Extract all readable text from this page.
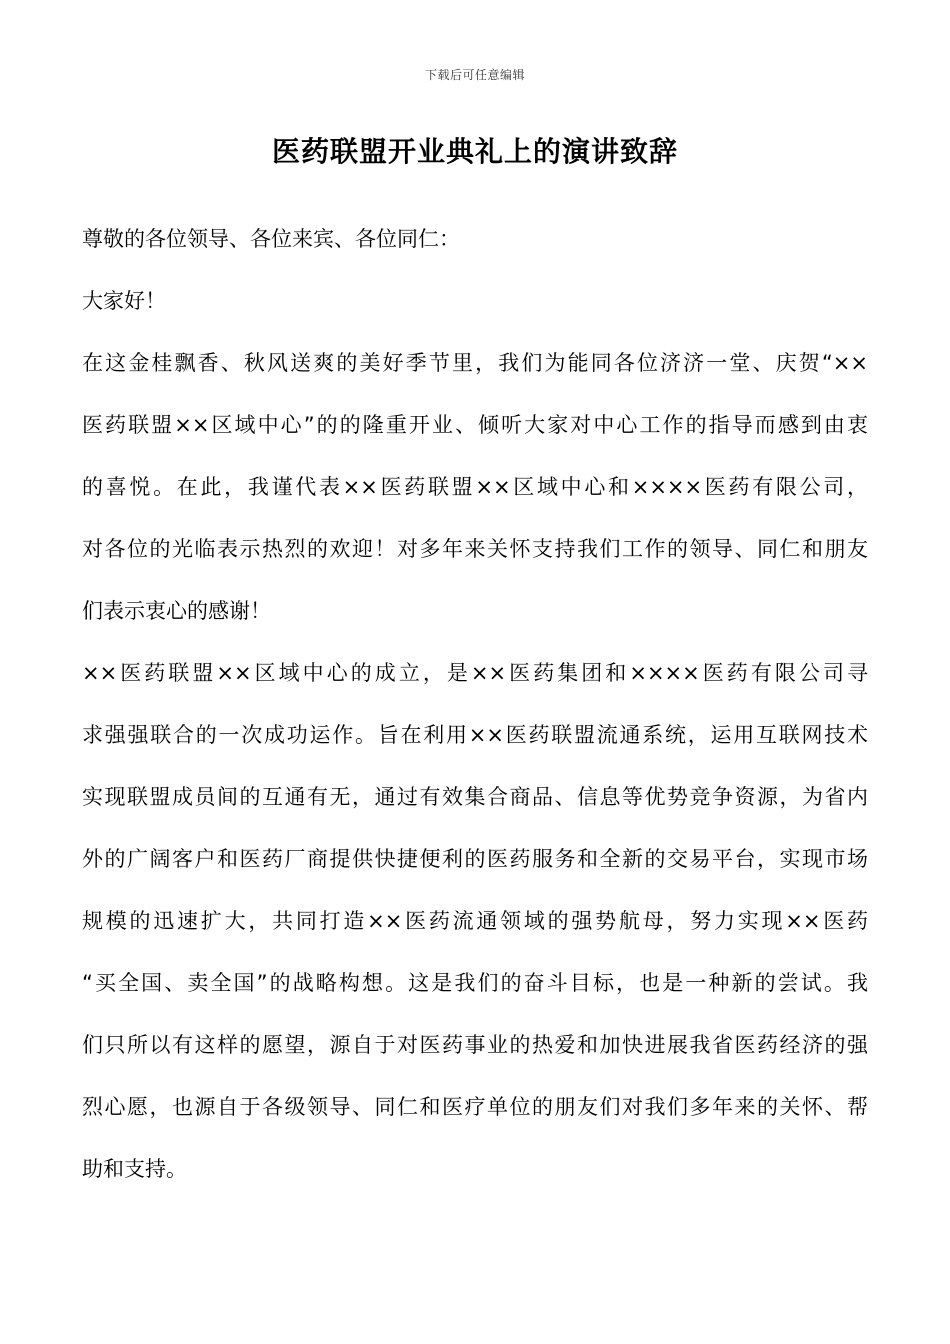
下载后可任意编辑
医药联盟开业典礼上的演讲致辞
尊敬的各位领导、各位来宾、各位同仁：
大家好！
在这金桂飘香、秋风送爽的美好季节里，我们为能同各位济济一堂、庆贺“××
医药联盟××区域中心”的的隆重开业、倾听大家对中心工作的指导而感到由衷
的喜悦。在此，我谨代表××医药联盟××区域中心和××××医药有限公司，
对各位的光临表示热烈的欢迎！对多年来关怀支持我们工作的领导、同仁和朋友
们表示衷心的感谢！
××医药联盟××区域中心的成立，是××医药集团和××××医药有限公司寻
求强强联合的一次成功运作。旨在利用××医药联盟流通系统，运用互联网技术
实现联盟成员间的互通有无，通过有效集合商品、信息等优势竞争资源，为省内
外的广阔客户和医药厂商提供快捷便利的医药服务和全新的交易平台，实现市场
规模的迅速扩大，共同打造××医药流通领域的强势航母，努力实现××医药
“买全国、卖全国”的战略构想。这是我们的奋斗目标，也是一种新的尝试。我
们只所以有这样的愿望，源自于对医药事业的热爱和加快进展我省医药经济的强
烈心愿，也源自于各级领导、同仁和医疗单位的朋友们对我们多年来的关怀、帮
助和支持。
